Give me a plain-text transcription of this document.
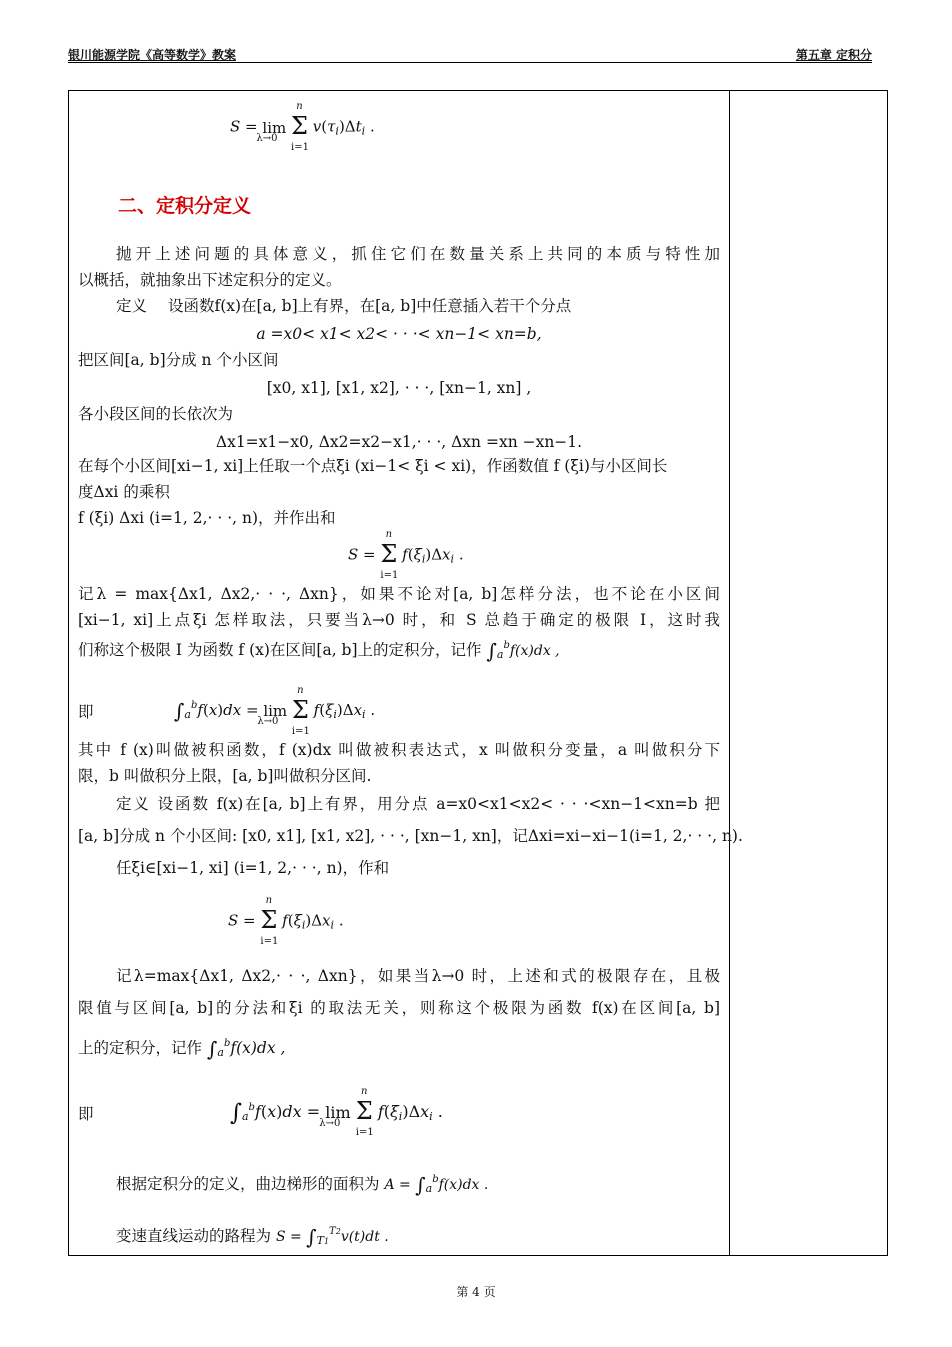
银川能源学院《高等数学》教案	第五章 定积分
S = lim
λ→0

n
Σ
i=1
$v(\tau_i)\Delta t_i$ .
二、定积分定义
抛开上述问题的具体意义，抓住它们在数量关系上共同的本质与特性加
以概括，就抽象出下述定积分的定义。
定义 设函数f(x)在[a, b]上有界，在[a, b]中任意插入若干个分点
a =x0< x1< x2< · · ·< xn−1< xn=b,
把区间[a, b]分成 n 个小区间
[x0, x1], [x1, x2], · · ·, [xn−1, xn] ,
各小段区间的长依次为
Δx1=x1−x0, Δx2=x2−x1,· · ·, Δxn =xn −xn−1.
在每个小区间[xi−1, xi]上任取一个点ξi (xi−1< ξi < xi)，作函数值 f (ξi)与小区间长
度Δxi 的乘积
f (ξi) Δxi (i=1, 2,· · ·, n)，并作出和
S =
n
Σ
i=1
$f(\xi_i)\Delta x_i$ .
记λ = max{Δx1, Δx2,· · ·, Δxn}，如果不论对[a, b]怎样分法，也不论在小区间
[xi−1, xi]上点ξi 怎样取法，只要当λ→0 时，和 S 总趋于确定的极限 I，这时我
们称这个极限 I 为函数 f (x)在区间[a, b]上的定积分，记作 $\int_a^bf(x)dx$ ,
即	$\int_a^bf(x)dx = \lim$
λ→0

n
Σ
i=1
$f(\xi_i)\Delta x_i$ .
其中 f (x)叫做被积函数，f (x)dx 叫做被积表达式，x 叫做积分变量，a 叫做积分下
限，b 叫做积分上限，[a, b]叫做积分区间.
定义 设函数 f(x)在[a, b]上有界，用分点 a=x0<x1<x2< · · ·<xn−1<xn=b 把
[a, b]分成 n 个小区间: [x0, x1], [x1, x2], · · ·, [xn−1, xn]，记Δxi=xi−xi−1(i=1, 2,· · ·, n).
任ξi∈[xi−1, xi] (i=1, 2,· · ·, n)，作和
S =
n
Σ
i=1
$f(\xi_i)\Delta x_i$ .
记λ=max{Δx1, Δx2,· · ·, Δxn}，如果当λ→0 时，上述和式的极限存在，且极
限值与区间[a, b]的分法和ξi 的取法无关，则称这个极限为函数 f(x)在区间[a, b]
上的定积分，记作 $\int_a^bf(x)dx$ ,
即	$\int_a^bf(x)dx = \lim$
λ→0

n
Σ
i=1
$f(\xi_i)\Delta x_i$ .
根据定积分的定义，曲边梯形的面积为 $A = \int_a^bf(x)dx$ .
变速直线运动的路程为 $S = \int_{T1}^{T2}v(t)dt$ .
第 4 页
